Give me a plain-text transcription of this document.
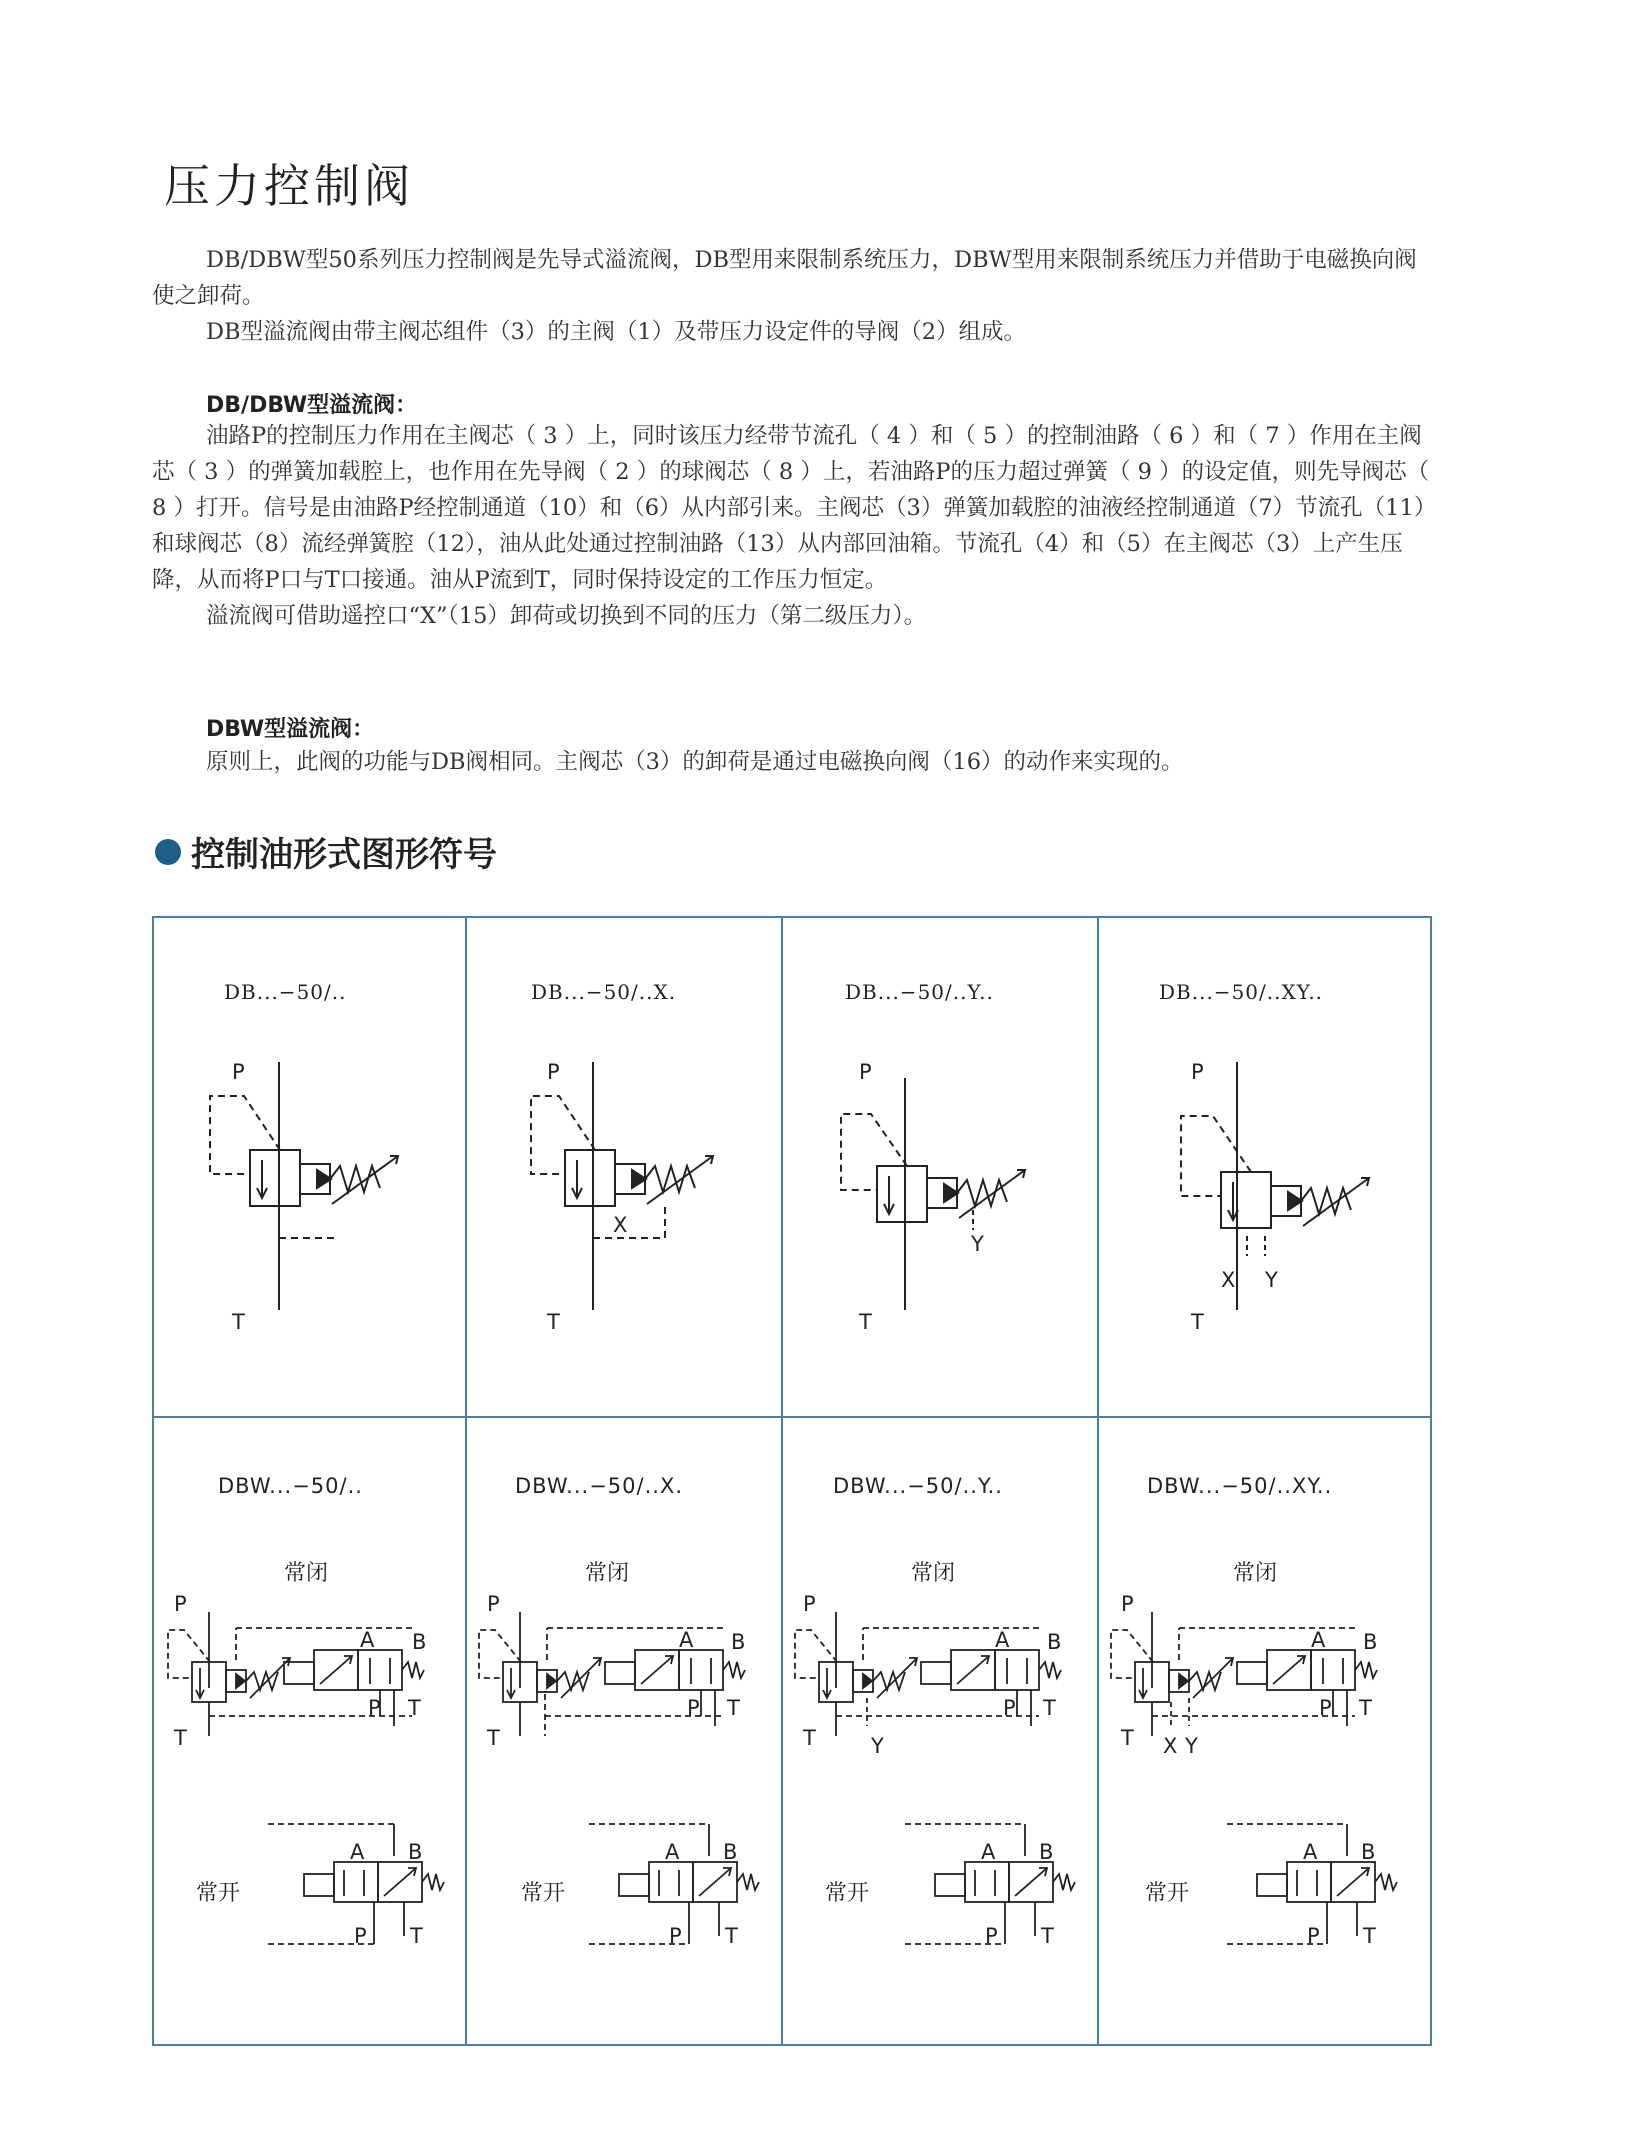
压力控制阀

DB/DBW型50系列压力控制阀是先导式溢流阀，DB型用来限制系统压力，DBW型用来限制系统压力并借助于电磁换向阀使之卸荷。

DB型溢流阀由带主阀芯组件（3）的主阀（1）及带压力设定件的导阀（2）组成。

DB/DBW型溢流阀：

油路P的控制压力作用在主阀芯（ 3 ）上，同时该压力经带节流孔（ 4 ）和（ 5 ）的控制油路（ 6 ）和（ 7 ）作用在主阀芯（ 3 ）的弹簧加载腔上，也作用在先导阀（ 2 ）的球阀芯（ 8 ）上，若油路P的压力超过弹簧（ 9 ）的设定值，则先导阀芯（ 8 ）打开。信号是由油路P经控制通道（10）和（6）从内部引来。主阀芯（3）弹簧加载腔的油液经控制通道（7）节流孔（11）和球阀芯（8）流经弹簧腔（12），油从此处通过控制油路（13）从内部回油箱。节流孔（4）和（5）在主阀芯（3）上产生压降，从而将P口与T口接通。油从P流到T，同时保持设定的工作压力恒定。

溢流阀可借助遥控口“X”（15）卸荷或切换到不同的压力（第二级压力）。

DBW型溢流阀：

原则上，此阀的功能与DB阀相同。主阀芯（3）的卸荷是通过电磁换向阀（16）的动作来实现的。

控制油形式图形符号
DB...−50/..
P
T
DB...−50/..X.
P
X
T
DB...−50/..Y..
P
Y
T
DB...−50/..XY..
P
X Y
T
DBW...−50/..
常闭
P
T
A B
P T
常开
A B
P T
DBW...−50/..X.
常闭
P
T
A B
P T
常开
A B
P T
DBW...−50/..Y..
常闭
P
T	Y
A B
P T
常开
A B
P T
DBW...−50/..XY..
常闭
P
T X Y
A B
P T
常开
A B
P T
